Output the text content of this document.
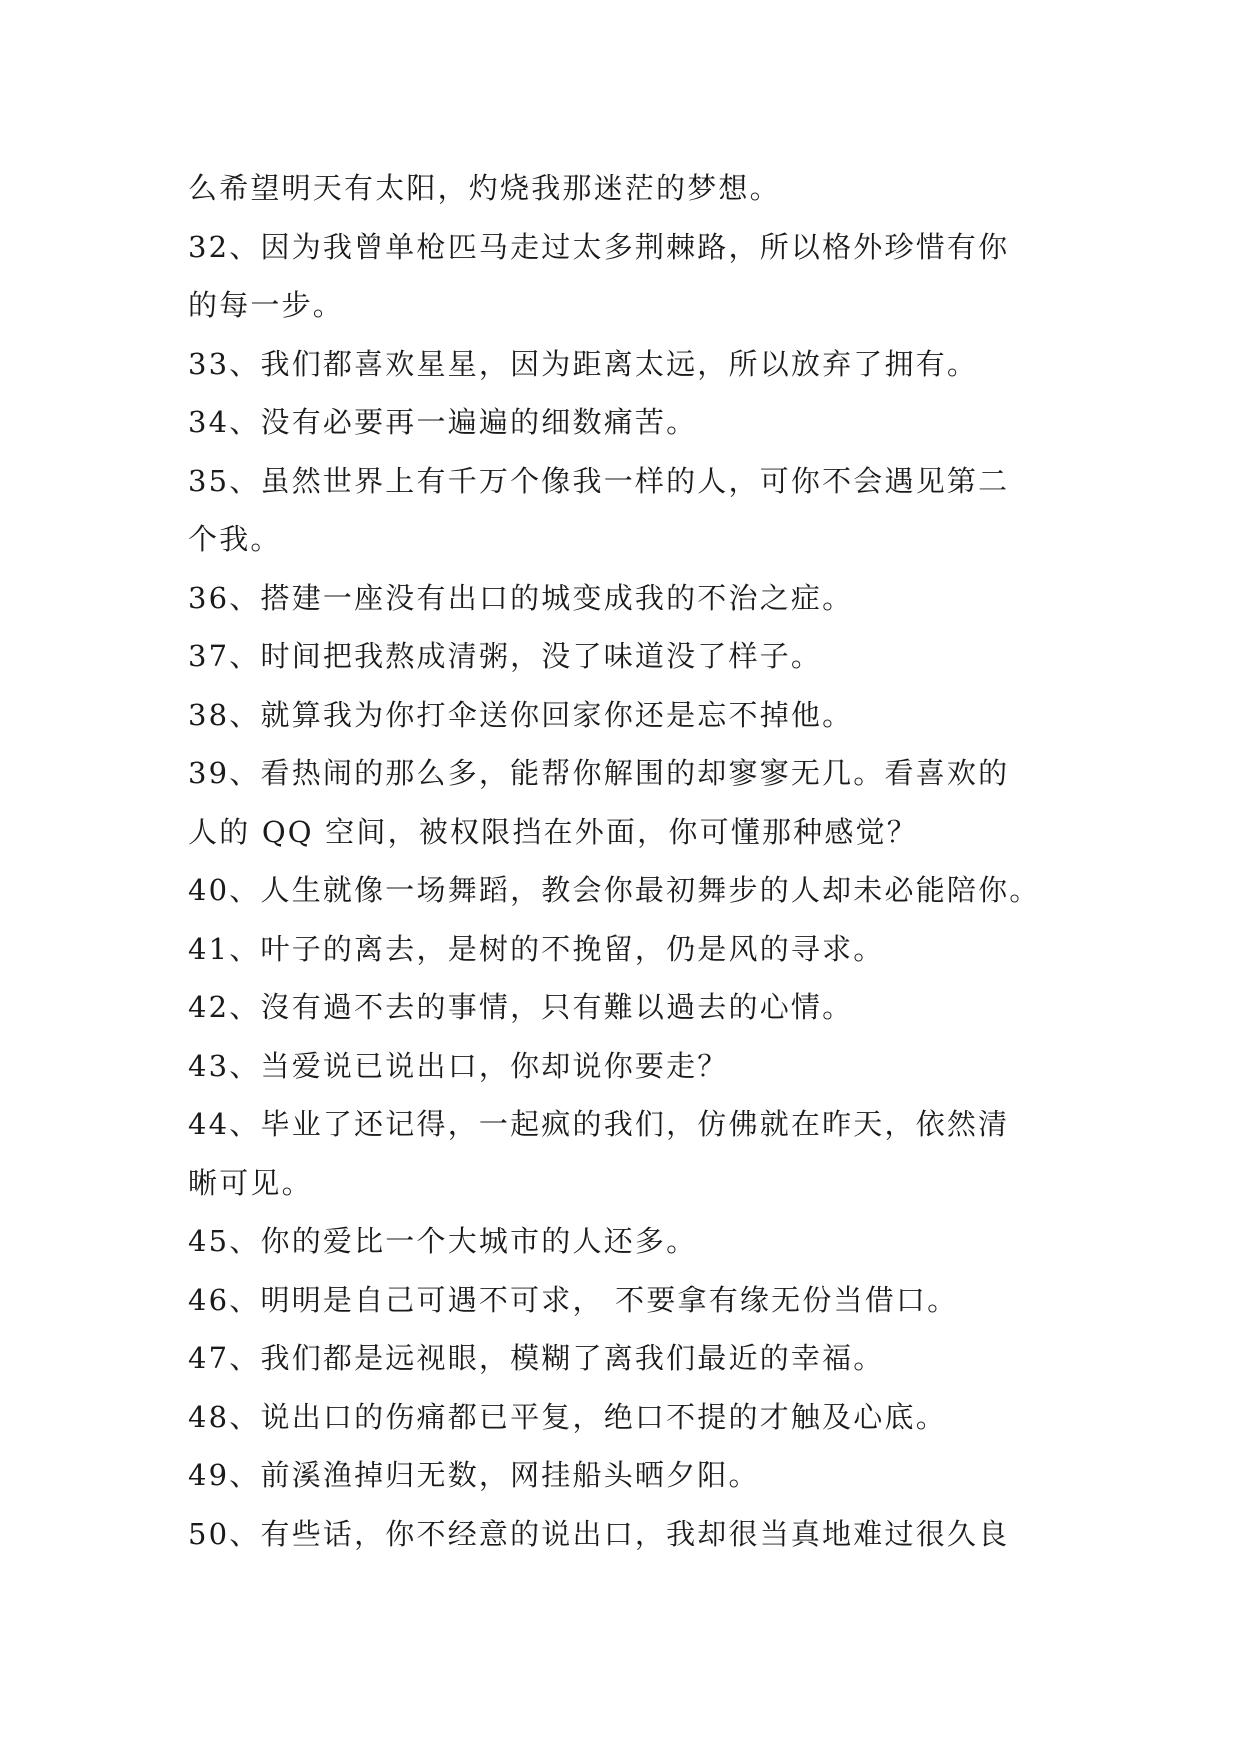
么希望明天有太阳，灼烧我那迷茫的梦想。
32、因为我曾单枪匹马走过太多荆棘路，所以格外珍惜有你
的每一步。
33、我们都喜欢星星，因为距离太远，所以放弃了拥有。
34、没有必要再一遍遍的细数痛苦。
35、虽然世界上有千万个像我一样的人，可你不会遇见第二
个我。
36、搭建一座没有出口的城变成我的不治之症。
37、时间把我熬成清粥，没了味道没了样子。
38、就算我为你打伞送你回家你还是忘不掉他。
39、看热闹的那么多，能帮你解围的却寥寥无几。看喜欢的
人的 QQ 空间，被权限挡在外面，你可懂那种感觉？
40、人生就像一场舞蹈，教会你最初舞步的人却未必能陪你。
41、叶子的离去，是树的不挽留，仍是风的寻求。
42、沒有過不去的事情，只有難以過去的心情。
43、当爱说已说出口，你却说你要走？
44、毕业了还记得，一起疯的我们，仿佛就在昨天，依然清
晰可见。
45、你的爱比一个大城市的人还多。
46、明明是自己可遇不可求， 不要拿有缘无份当借口。
47、我们都是远视眼，模糊了离我们最近的幸福。
48、说出口的伤痛都已平复，绝口不提的才触及心底。
49、前溪渔掉归无数，网挂船头晒夕阳。
50、有些话，你不经意的说出口，我却很当真地难过很久良
